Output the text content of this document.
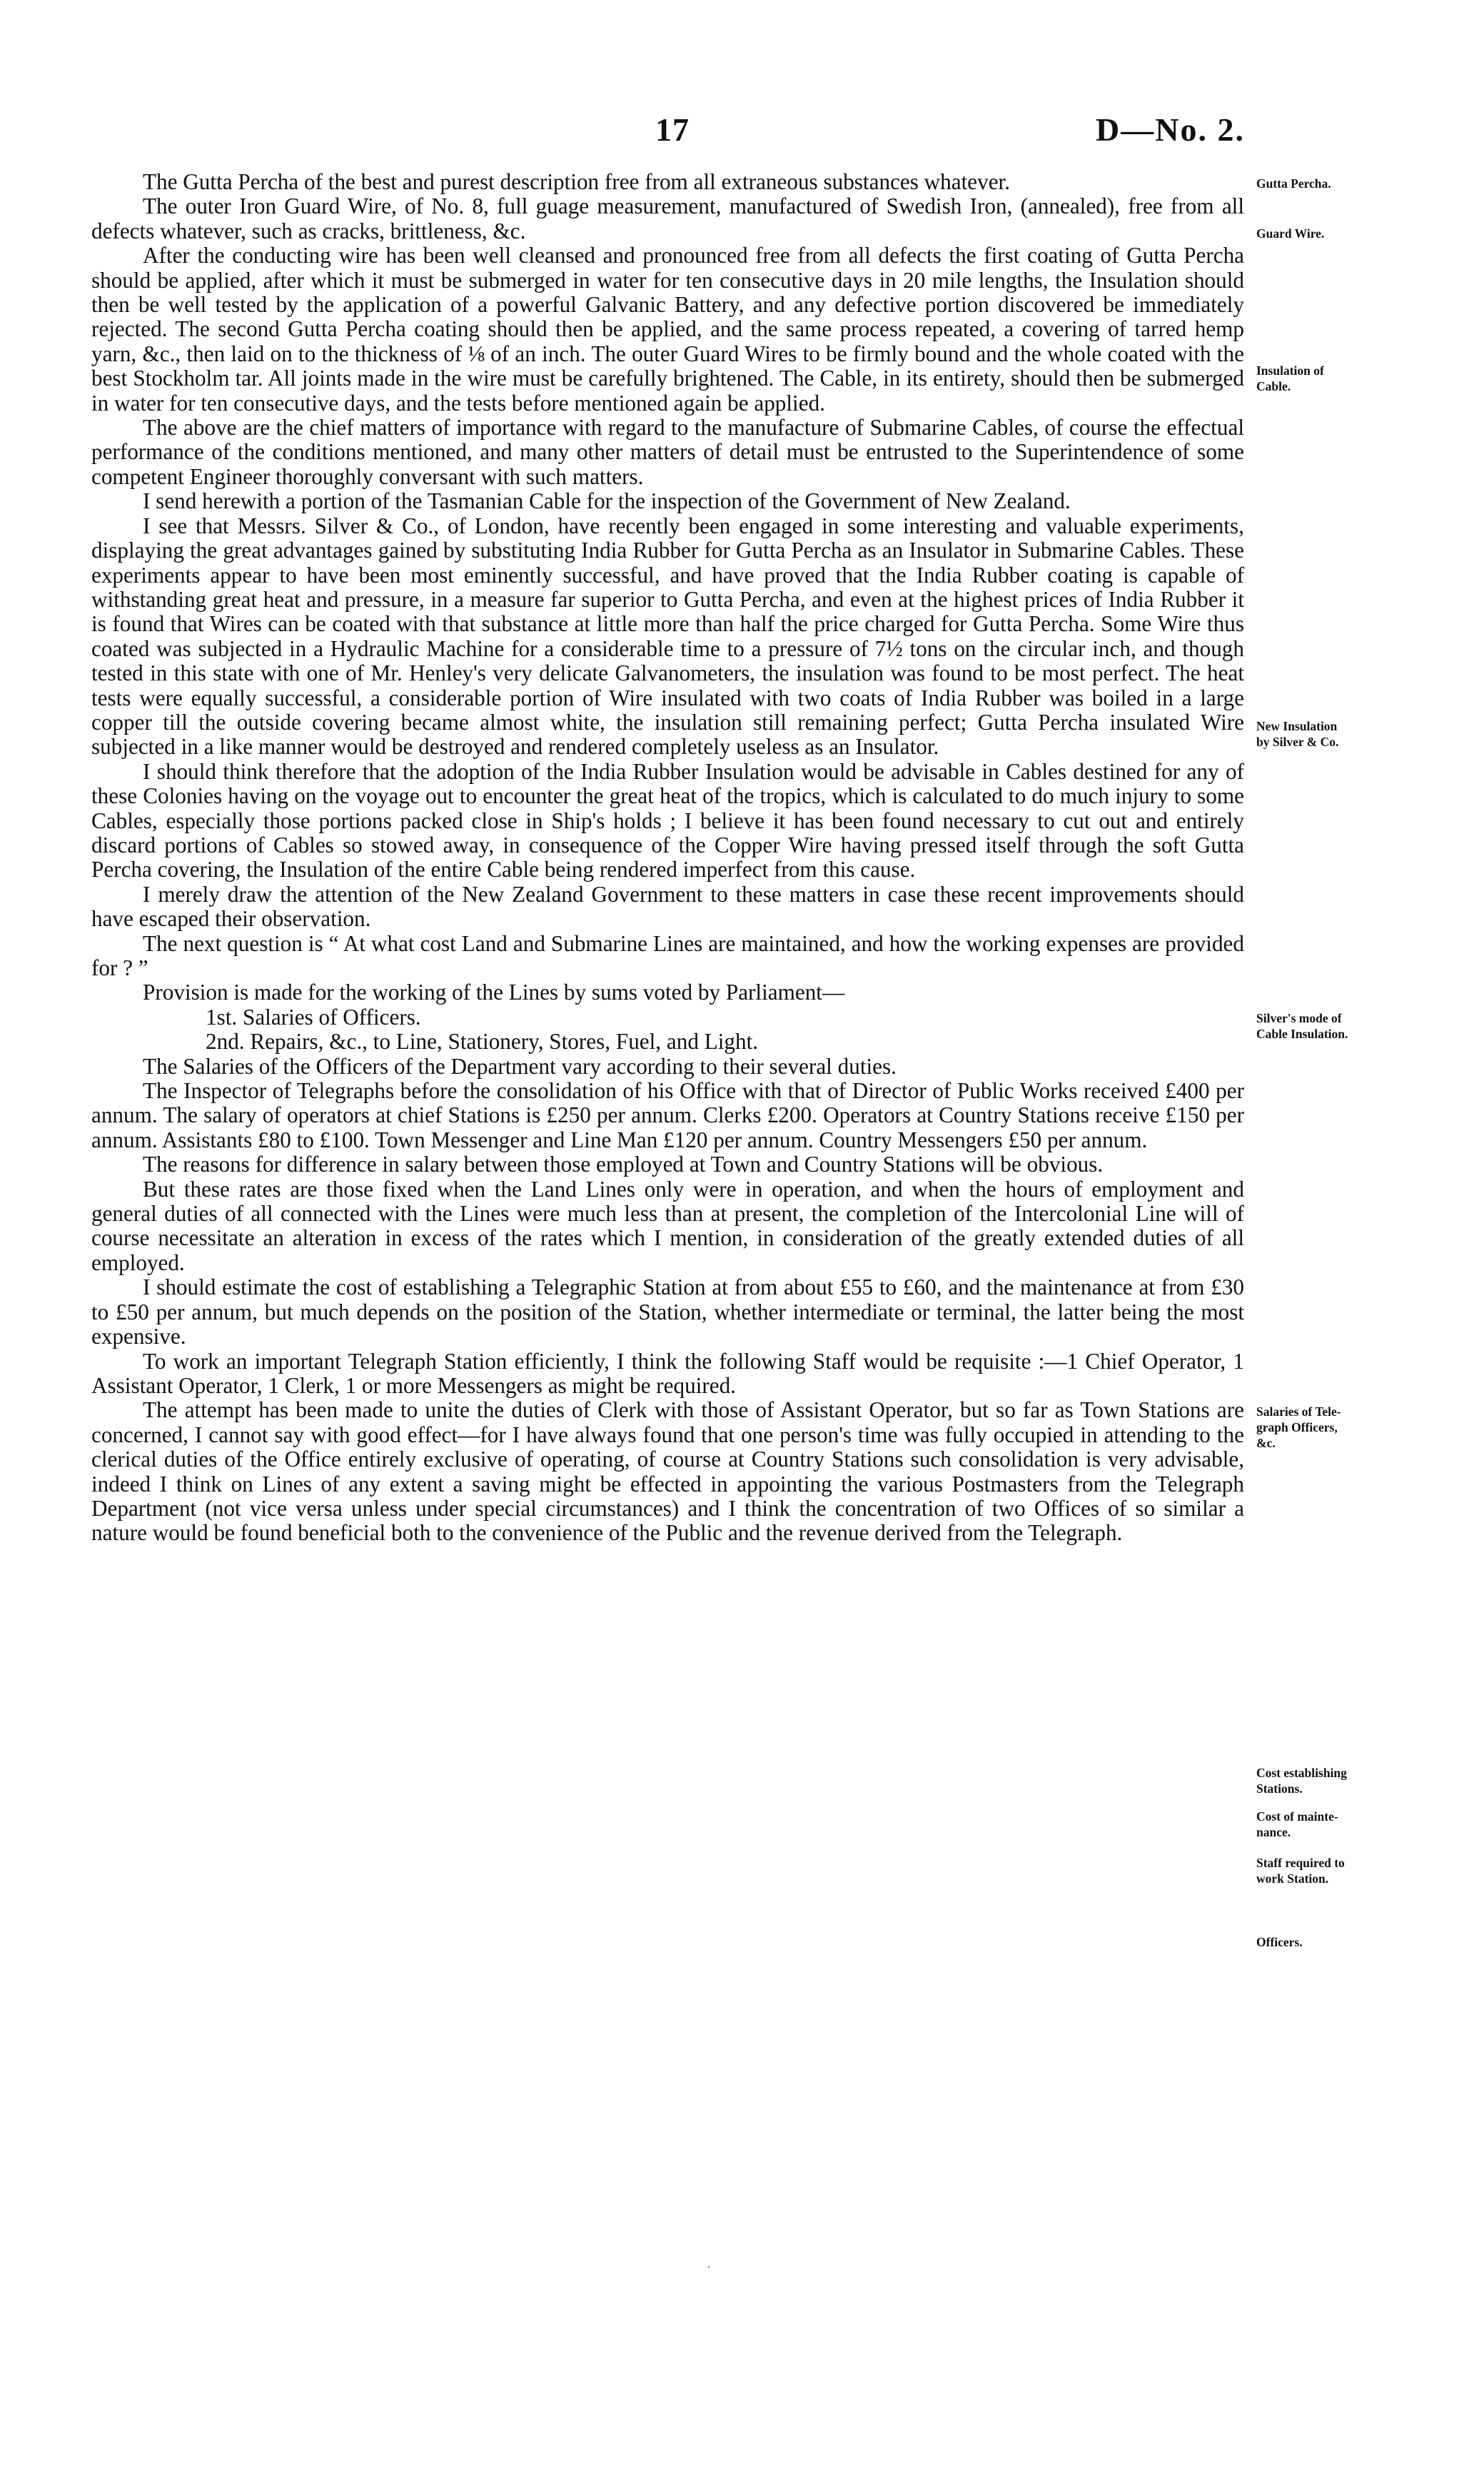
17	D—No. 2.

The Gutta Percha of the best and purest description free from all extraneous substances whatever.

The outer Iron Guard Wire, of No. 8, full guage measurement, manufactured of Swedish Iron, (annealed), free from all defects whatever, such as cracks, brittleness, &c.

After the conducting wire has been well cleansed and pronounced free from all defects the first coating of Gutta Percha should be applied, after which it must be submerged in water for ten consecutive days in 20 mile lengths, the Insulation should then be well tested by the application of a powerful Galvanic Battery, and any defective portion discovered be immediately rejected. The second Gutta Percha coating should then be applied, and the same process repeated, a covering of tarred hemp yarn, &c., then laid on to the thickness of ⅛ of an inch. The outer Guard Wires to be firmly bound and the whole coated with the best Stockholm tar. All joints made in the wire must be carefully brightened. The Cable, in its entirety, should then be submerged in water for ten consecutive days, and the tests before mentioned again be applied.

The above are the chief matters of importance with regard to the manufacture of Submarine Cables, of course the effectual performance of the conditions mentioned, and many other matters of detail must be entrusted to the Superintendence of some competent Engineer thoroughly conversant with such matters.

I send herewith a portion of the Tasmanian Cable for the inspection of the Government of New Zealand.

I see that Messrs. Silver & Co., of London, have recently been engaged in some interesting and valuable experiments, displaying the great advantages gained by substituting India Rubber for Gutta Percha as an Insulator in Submarine Cables. These experiments appear to have been most eminently successful, and have proved that the India Rubber coating is capable of withstanding great heat and pressure, in a measure far superior to Gutta Percha, and even at the highest prices of India Rubber it is found that Wires can be coated with that substance at little more than half the price charged for Gutta Percha. Some Wire thus coated was subjected in a Hydraulic Machine for a considerable time to a pressure of 7½ tons on the circular inch, and though tested in this state with one of Mr. Henley's very delicate Galvanometers, the insulation was found to be most perfect. The heat tests were equally successful, a considerable portion of Wire insulated with two coats of India Rubber was boiled in a large copper till the outside covering became almost white, the insulation still remaining perfect; Gutta Percha insulated Wire subjected in a like manner would be destroyed and rendered completely useless as an Insulator.

I should think therefore that the adoption of the India Rubber Insulation would be advisable in Cables destined for any of these Colonies having on the voyage out to encounter the great heat of the tropics, which is calculated to do much injury to some Cables, especially those portions packed close in Ship's holds ; I believe it has been found necessary to cut out and entirely discard portions of Cables so stowed away, in consequence of the Copper Wire having pressed itself through the soft Gutta Percha covering, the Insulation of the entire Cable being rendered imperfect from this cause.

I merely draw the attention of the New Zealand Government to these matters in case these recent improvements should have escaped their observation.

The next question is “ At what cost Land and Submarine Lines are maintained, and how the working expenses are provided for ? ”

Provision is made for the working of the Lines by sums voted by Parliament—

1st. Salaries of Officers.

2nd. Repairs, &c., to Line, Stationery, Stores, Fuel, and Light.

The Salaries of the Officers of the Department vary according to their several duties.

The Inspector of Telegraphs before the consolidation of his Office with that of Director of Public Works received £400 per annum. The salary of operators at chief Stations is £250 per annum. Clerks £200. Operators at Country Stations receive £150 per annum. Assistants £80 to £100. Town Messenger and Line Man £120 per annum. Country Messengers £50 per annum.

The reasons for difference in salary between those employed at Town and Country Stations will be obvious.

But these rates are those fixed when the Land Lines only were in operation, and when the hours of employment and general duties of all connected with the Lines were much less than at present, the completion of the Intercolonial Line will of course necessitate an alteration in excess of the rates which I mention, in consideration of the greatly extended duties of all employed.

I should estimate the cost of establishing a Telegraphic Station at from about £55 to £60, and the maintenance at from £30 to £50 per annum, but much depends on the position of the Station, whether intermediate or terminal, the latter being the most expensive.

To work an important Telegraph Station efficiently, I think the following Staff would be requisite :—1 Chief Operator, 1 Assistant Operator, 1 Clerk, 1 or more Messengers as might be required.

The attempt has been made to unite the duties of Clerk with those of Assistant Operator, but so far as Town Stations are concerned, I cannot say with good effect—for I have always found that one person's time was fully occupied in attending to the clerical duties of the Office entirely exclusive of operating, of course at Country Stations such consolidation is very advisable, indeed I think on Lines of any extent a saving might be effected in appointing the various Postmasters from the Telegraph Department (not vice versa unless under special circumstances) and I think the concentration of two Offices of so similar a nature would be found beneficial both to the convenience of the Public and the revenue derived from the Telegraph.

Gutta Percha.
Guard Wire.
Insulation of
Cable.
New Insulation
by Silver & Co.
Silver's mode of
Cable Insulation.
Salaries of Tele-
graph Officers,
&c.
Cost establishing
Stations.
Cost of mainte-
nance.
Staff required to
work Station.
Officers.
·
